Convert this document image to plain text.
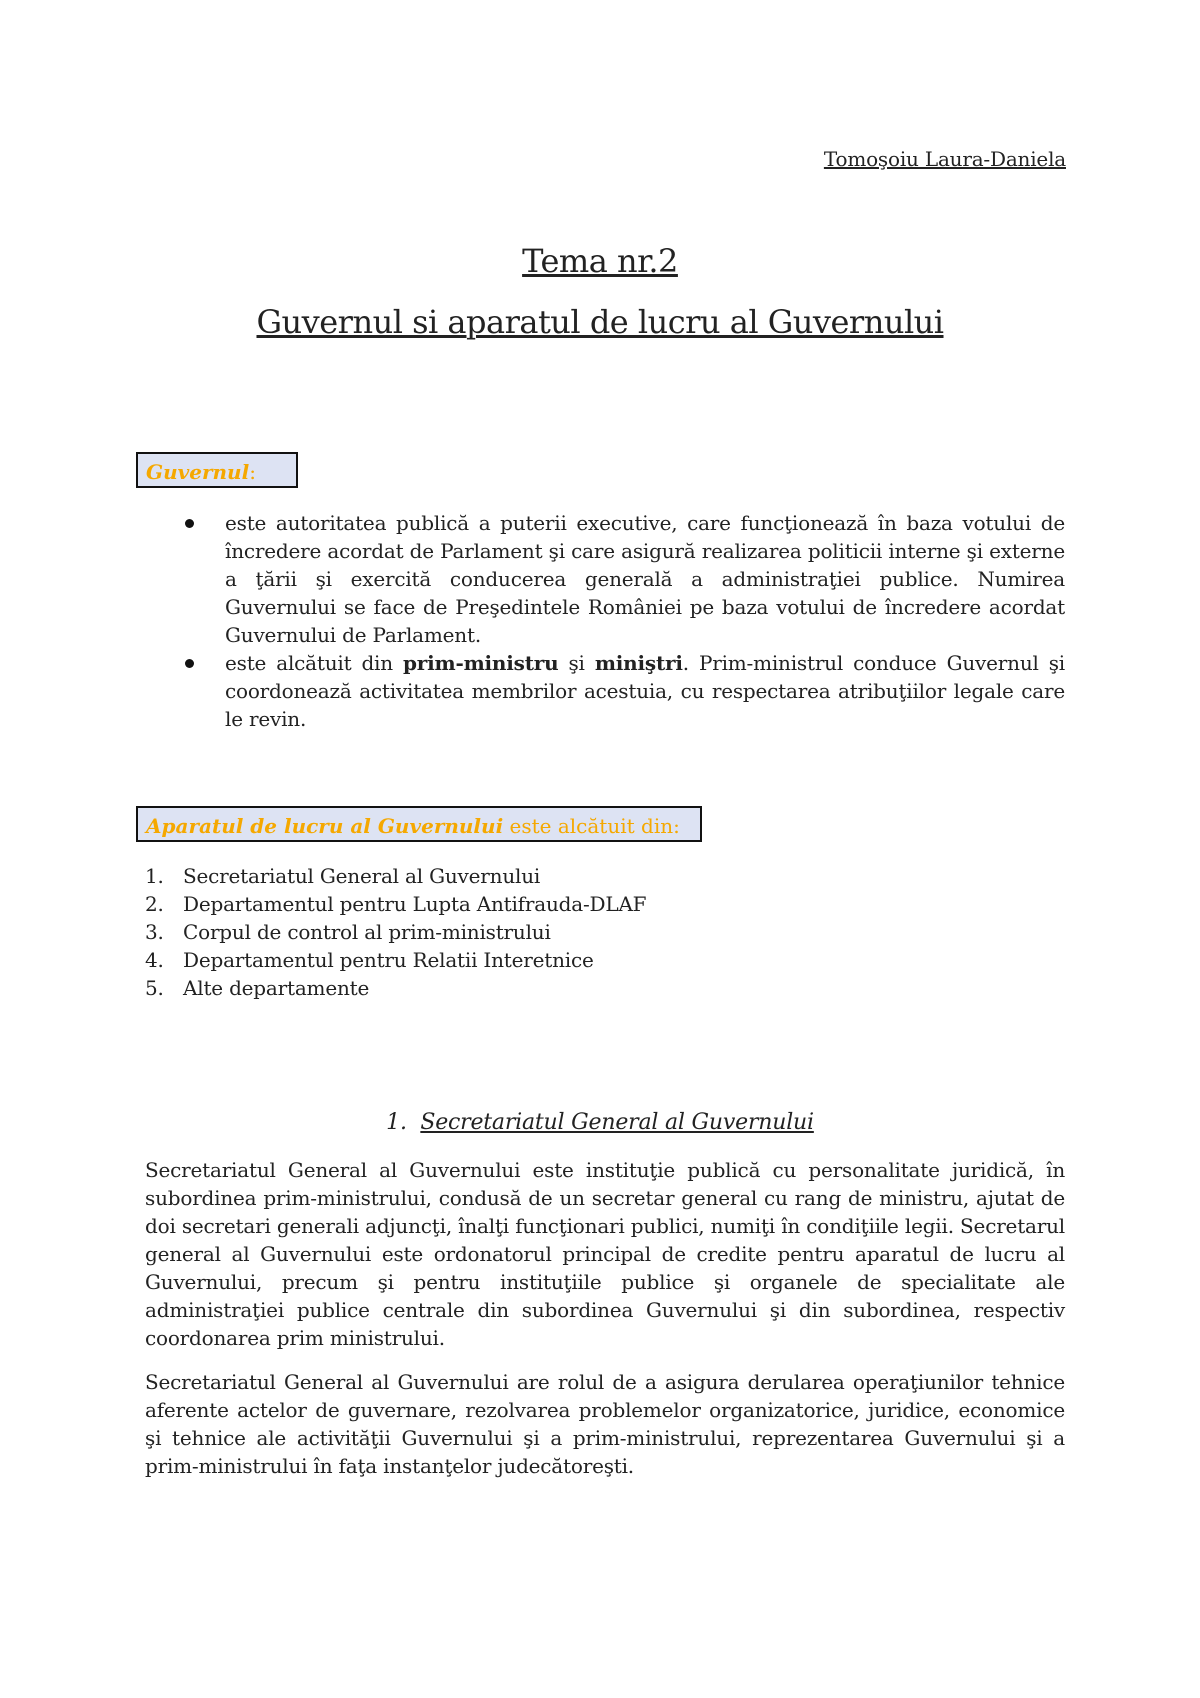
Tomoşoiu Laura-Daniela
Tema nr.2
Guvernul si aparatul de lucru al Guvernului
Guvernul:
este autoritatea publică a puterii executive, care funcţionează în baza votului de încredere acordat de Parlament şi care asigură realizarea politicii interne şi externe a ţării şi exercită conducerea generală a administraţiei publice. Numirea Guvernului se face de Preşedintele României pe baza votului de încredere acordat Guvernului de Parlament.
este alcătuit din prim-ministru şi miniştri. Prim-ministrul conduce Guvernul şi coordonează activitatea membrilor acestuia, cu respectarea atribuţiilor legale care le revin.
Aparatul de lucru al Guvernului este alcătuit din:
1. Secretariatul General al Guvernului
2. Departamentul pentru Lupta Antifrauda-DLAF
3. Corpul de control al prim-ministrului
4. Departamentul pentru Relatii Interetnice
5. Alte departamente
1. Secretariatul General al Guvernului

Secretariatul General al Guvernului este instituţie publică cu personalitate juridică, în subordinea prim-ministrului, condusă de un secretar general cu rang de ministru, ajutat de doi secretari generali adjuncţi, înalţi funcţionari publici, numiţi în condiţiile legii. Secretarul general al Guvernului este ordonatorul principal de credite pentru aparatul de lucru al Guvernului, precum şi pentru instituţiile publice şi organele de specialitate ale administraţiei publice centrale din subordinea Guvernului şi din subordinea, respectiv coordonarea prim ministrului.

Secretariatul General al Guvernului are rolul de a asigura derularea operaţiunilor tehnice aferente actelor de guvernare, rezolvarea problemelor organizatorice, juridice, economice şi tehnice ale activităţii Guvernului şi a prim-ministrului, reprezentarea Guvernului şi a prim-ministrului în faţa instanţelor judecătoreşti.
